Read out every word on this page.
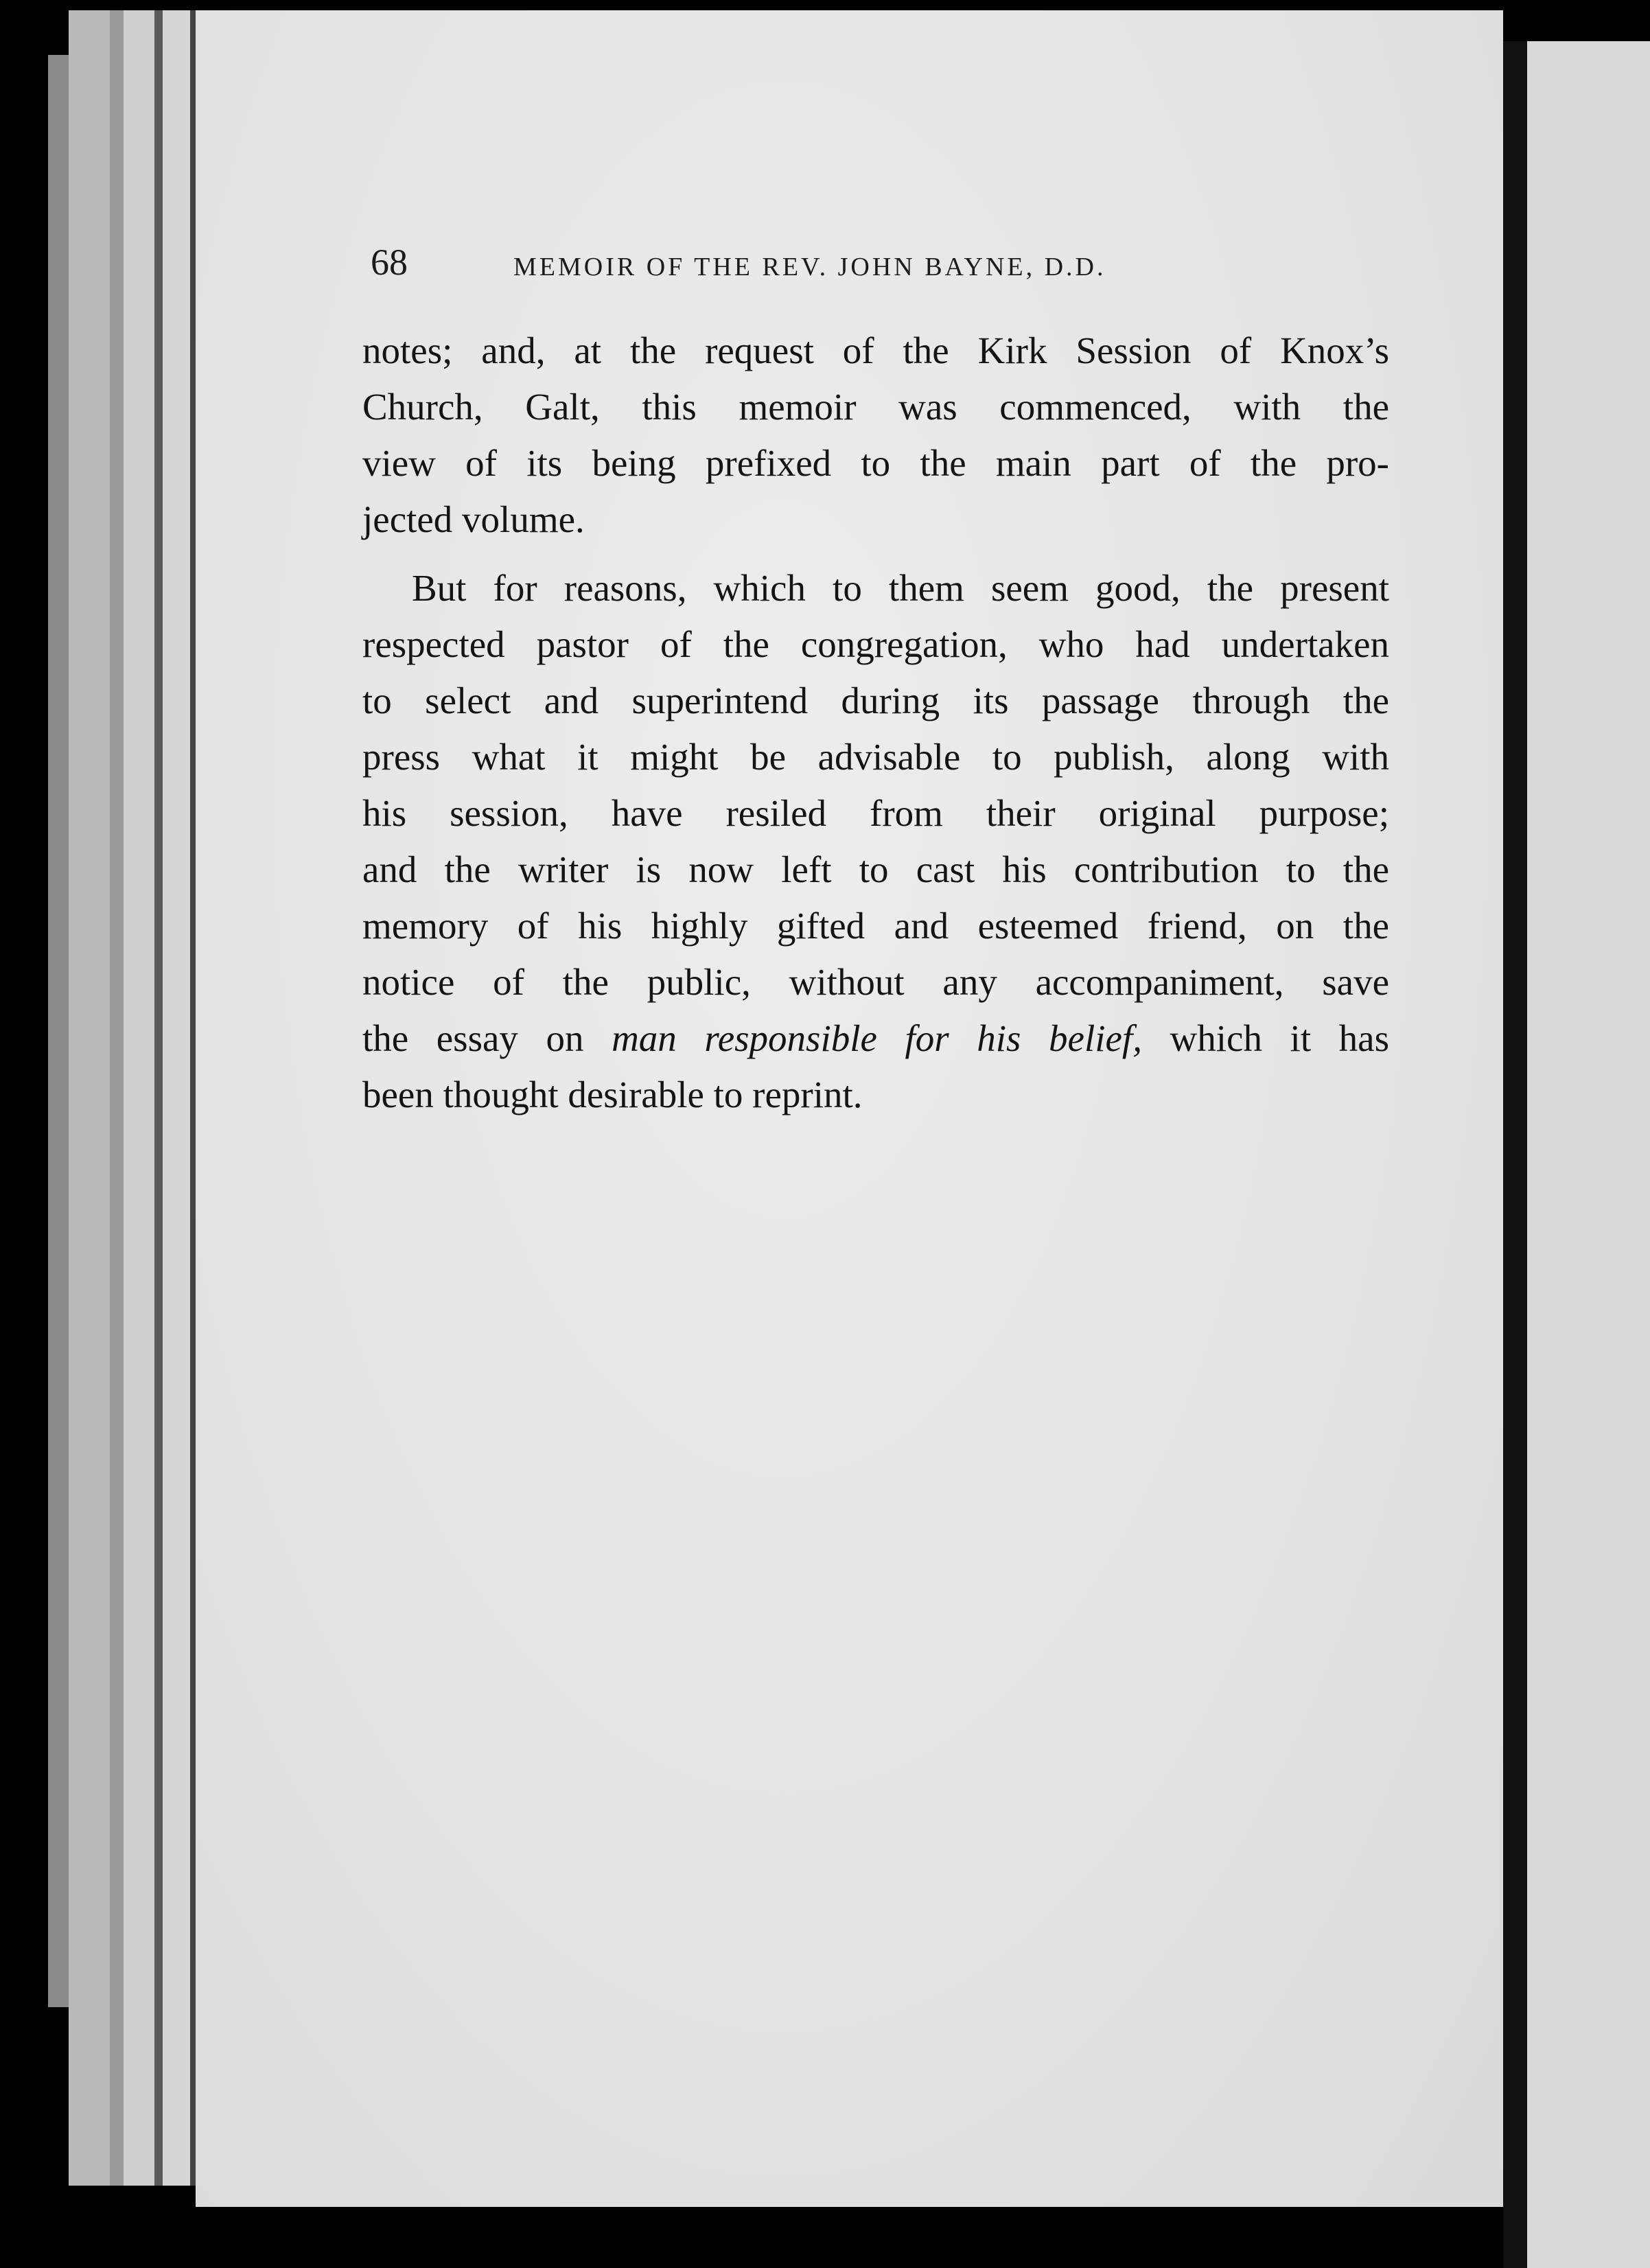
68	MEMOIR OF THE REV. JOHN BAYNE, D.D.
notes; and, at the request of the Kirk Session of Knox’s
Church, Galt, this memoir was commenced, with the
view of its being prefixed to the main part of the pro-
jected volume.
But for reasons, which to them seem good, the present
respected pastor of the congregation, who had undertaken
to select and superintend during its passage through the
press what it might be advisable to publish, along with
his session, have resiled from their original purpose;
and the writer is now left to cast his contribution to the
memory of his highly gifted and esteemed friend, on the
notice of the public, without any accompaniment, save
the essay on man responsible for his belief, which it has
been thought desirable to reprint.
